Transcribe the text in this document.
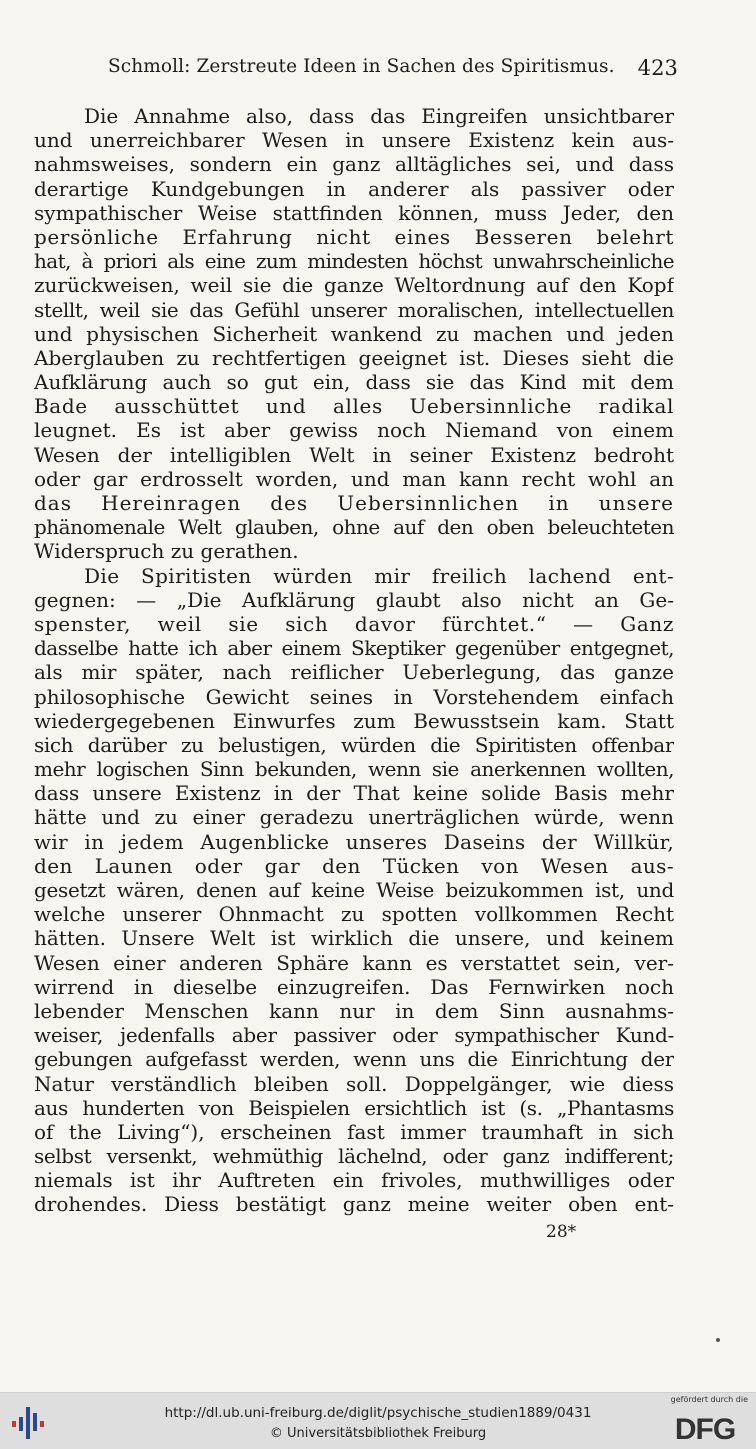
Schmoll: Zerstreute Ideen in Sachen des Spiritismus. 423
Die Annahme also, dass das Eingreifen unsichtbarer
und unerreichbarer Wesen in unsere Existenz kein aus-
nahmsweises, sondern ein ganz alltägliches sei, und dass
derartige Kundgebungen in anderer als passiver oder
sympathischer Weise stattfinden können, muss Jeder, den
persönliche Erfahrung nicht eines Besseren belehrt
hat, à priori als eine zum mindesten höchst unwahrscheinliche
zurückweisen, weil sie die ganze Weltordnung auf den Kopf
stellt, weil sie das Gefühl unserer moralischen, intellectuellen
und physischen Sicherheit wankend zu machen und jeden
Aberglauben zu rechtfertigen geeignet ist. Dieses sieht die
Aufklärung auch so gut ein, dass sie das Kind mit dem
Bade ausschüttet und alles Uebersinnliche radikal
leugnet. Es ist aber gewiss noch Niemand von einem
Wesen der intelligiblen Welt in seiner Existenz bedroht
oder gar erdrosselt worden, und man kann recht wohl an
das Hereinragen des Uebersinnlichen in unsere
phänomenale Welt glauben, ohne auf den oben beleuchteten
Widerspruch zu gerathen.
Die Spiritisten würden mir freilich lachend ent-
gegnen: — „Die Aufklärung glaubt also nicht an Ge-
spenster, weil sie sich davor fürchtet.“ — Ganz
dasselbe hatte ich aber einem Skeptiker gegenüber entgegnet,
als mir später, nach reiflicher Ueberlegung, das ganze
philosophische Gewicht seines in Vorstehendem einfach
wiedergegebenen Einwurfes zum Bewusstsein kam. Statt
sich darüber zu belustigen, würden die Spiritisten offenbar
mehr logischen Sinn bekunden, wenn sie anerkennen wollten,
dass unsere Existenz in der That keine solide Basis mehr
hätte und zu einer geradezu unerträglichen würde, wenn
wir in jedem Augenblicke unseres Daseins der Willkür,
den Launen oder gar den Tücken von Wesen aus-
gesetzt wären, denen auf keine Weise beizukommen ist, und
welche unserer Ohnmacht zu spotten vollkommen Recht
hätten. Unsere Welt ist wirklich die unsere, und keinem
Wesen einer anderen Sphäre kann es verstattet sein, ver-
wirrend in dieselbe einzugreifen. Das Fernwirken noch
lebender Menschen kann nur in dem Sinn ausnahms-
weiser, jedenfalls aber passiver oder sympathischer Kund-
gebungen aufgefasst werden, wenn uns die Einrichtung der
Natur verständlich bleiben soll. Doppelgänger, wie diess
aus hunderten von Beispielen ersichtlich ist (s. „Phantasms
of the Living“), erscheinen fast immer traumhaft in sich
selbst versenkt, wehmüthig lächelnd, oder ganz indifferent;
niemals ist ihr Auftreten ein frivoles, muthwilliges oder
drohendes. Diess bestätigt ganz meine weiter oben ent-
28*
http://dl.ub.uni-freiburg.de/diglit/psychische_studien1889/0431
© Universitätsbibliothek Freiburg
gefördert durch die
DFG
